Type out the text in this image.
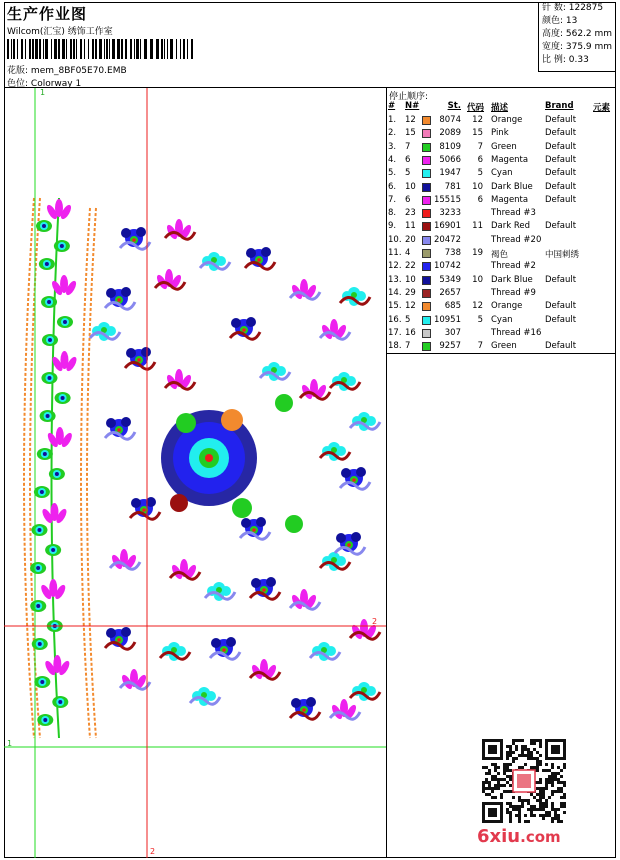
生产作业图
Wilcom(汇宝) 绣饰工作室
花版: mem_8BF05E70.EMB
色位: Colorway 1
针 数: 122875
颜色: 13
高度: 562.2 mm
宽度: 375.9 mm
比 例: 0.33
1
1
2
2
停止顺序:
# N#	St. 代码 描述	Brand 元素
1. 12	8074	12 Orange	Default
2. 15	2089	15 Pink	Default
3. 7	8109	7 Green	Default
4. 6	5066	6 Magenta Default
5. 5	1947	5 Cyan	Default
6. 10	781	10 Dark Blue Default
7. 6	15515	6 Magenta Default
8. 23	3233	Thread #3
9. 11 16901	11 Dark Red Default
10. 20 20472	Thread #20
11. 4	738	19 褐色	中国刺绣
12. 22 10742	Thread #2
13. 10	5349	10 Dark Blue Default
14. 29	2657	Thread #9
15. 12	685	12 Orange	Default
16. 5	10951	5 Cyan	Default
17. 16	307	Thread #16
18. 7	9257	7 Green	Default
6xiu.com
